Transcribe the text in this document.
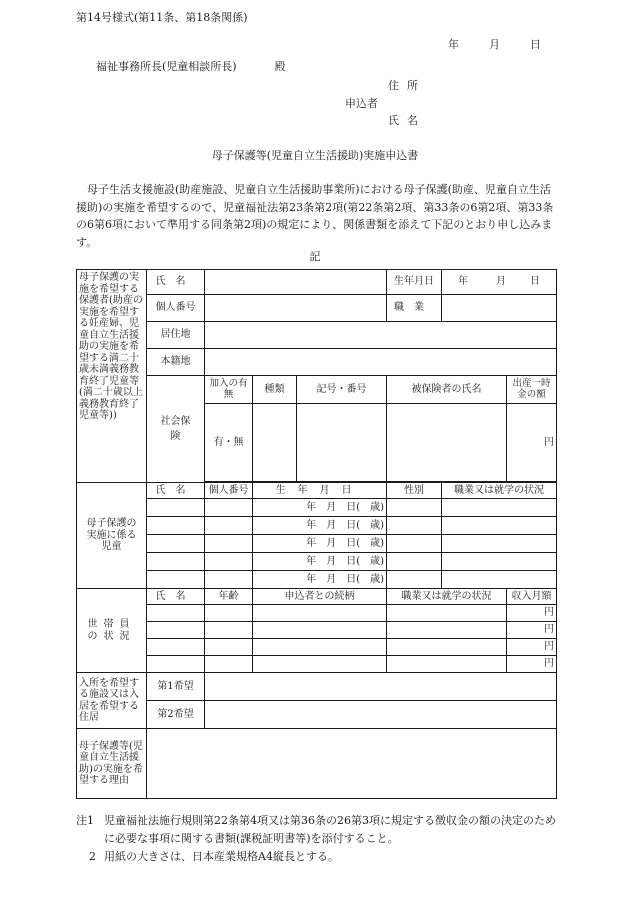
第14号様式(第11条、第18条関係)
年	月	日
福祉事務所長(児童相談所長)	殿
住所
申込者
氏名
母子保護等(児童自立生活援助)実施申込書
母子生活支援施設(助産施設、児童自立生活援助事業所)における母子保護(助産、児童自立生活援助)の実施を希望するので、児童福祉法第23条第2項(第22条第2項、第33条の6第2項、第33条の6第6項において準用する同条第2項)の規定により、関係書類を添えて下記のとおり申し込みます。
記
母子保護の実施を希望する保護者(助産の実施を希望する妊産婦、児童自立生活援助の実施を希望する満二十歳未満義務教育終了児童等(満二十歳以上義務教育終了児童等))	氏名				生年月日	年 月 日	
	個人番号				職業		
	居住地						
	本籍地						
	社会保険	加入の有無	種類	記号・番号	被保険者の氏名		出産一時金の額
		有・無					円

母子保護の実施に係る児童	氏名	個人番号	生年月日		性別	職業又は就学の状況	
			年　月　日(　歳)				
			年　月　日(　歳)				
			年　月　日(　歳)				
			年　月　日(　歳)				
			年　月　日(　歳)				
世帯員の状況	氏名	年齢	申込者との続柄		職業又は就学の状況		収入月額
							円
							円
							円
							円
入所を希望する施設又は入居を希望する住居	第1希望						
	第2希望						
母子保護等(児童自立生活援助)の実施を希望する理由							
注1 児童福祉法施行規則第22条第4項又は第36条の26第3項に規定する徴収金の額の決定のために必要な事項に関する書類(課税証明書等)を添付すること。
2 用紙の大きさは、日本産業規格A4縦長とする。
